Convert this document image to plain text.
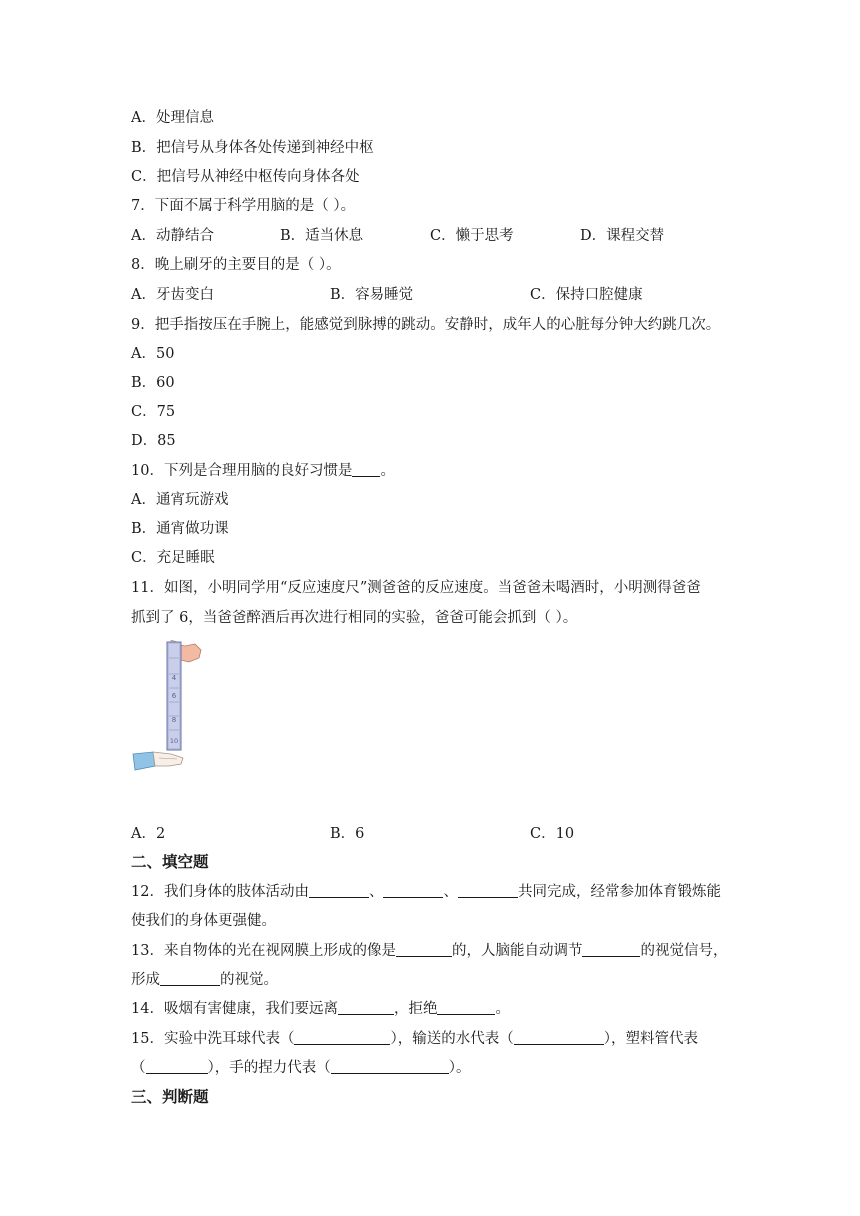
A．处理信息
B．把信号从身体各处传递到神经中枢
C．把信号从神经中枢传向身体各处
7．下面不属于科学用脑的是（ ）。
A．动静结合	B．适当休息	C．懒于思考	D．课程交替
8．晚上刷牙的主要目的是（ ）。
A．牙齿变白	B．容易睡觉	C．保持口腔健康
9．把手指按压在手腕上，能感觉到脉搏的跳动。安静时，成年人的心脏每分钟大约跳几次。
A．50
B．60
C．75
D．85
10．下列是合理用脑的良好习惯是 。
A．通宵玩游戏
B．通宵做功课
C．充足睡眠
11．如图，小明同学用“反应速度尺”测爸爸的反应速度。当爸爸未喝酒时，小明测得爸爸
抓到了 6，当爸爸醉酒后再次进行相同的实验，爸爸可能会抓到（ ）。
4
6
8
10
A．2	B．6	C．10
二、填空题
12．我们身体的肢体活动由	、	、	共同完成，经常参加体育锻炼能
使我们的身体更强健。
13．来自物体的光在视网膜上形成的像是	的，人脑能自动调节	的视觉信号，
形成	的视觉。
14．吸烟有害健康，我们要远离	，拒绝	。
15．实验中洗耳球代表（	），输送的水代表（	），塑料管代表
（	），手的捏力代表（	）。
三、判断题
